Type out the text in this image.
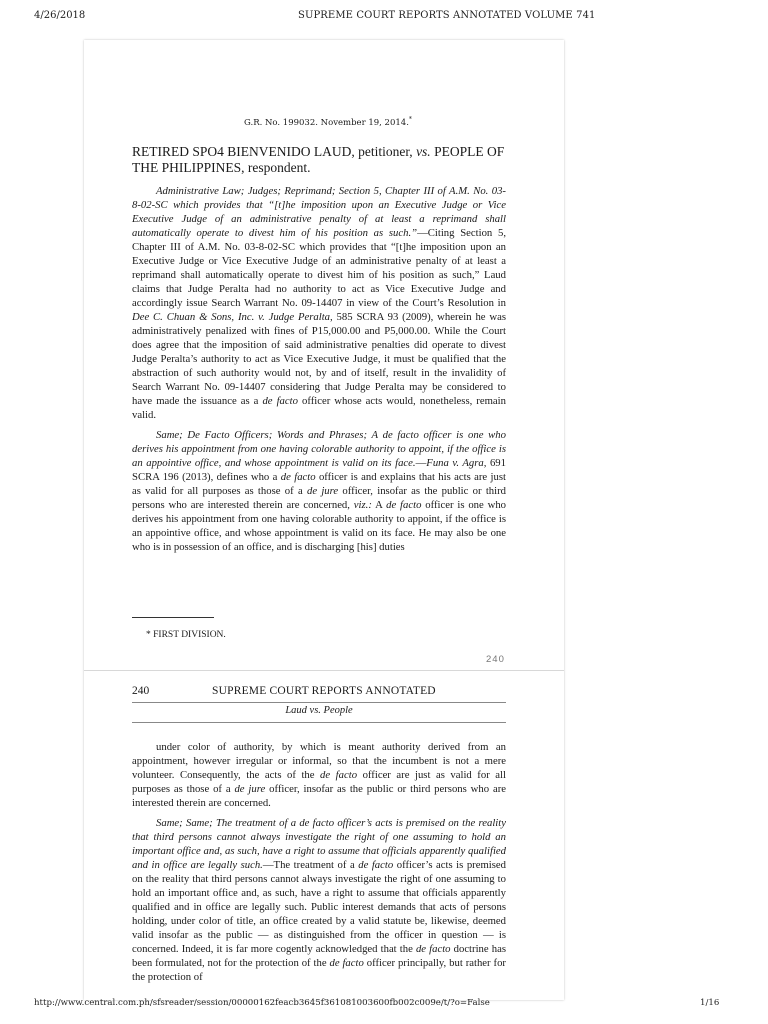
4/26/2018	SUPREME COURT REPORTS ANNOTATED VOLUME 741
G.R. No. 199032. November 19, 2014.*
RETIRED SPO4 BIENVENIDO LAUD, petitioner, vs. PEOPLE OF THE PHILIPPINES, respondent.

Administrative Law; Judges; Reprimand; Section 5, Chapter III of A.M. No. 03-8-02-SC which provides that “[t]he imposition upon an Executive Judge or Vice Executive Judge of an administrative penalty of at least a reprimand shall automatically operate to divest him of his position as such.”—Citing Section 5, Chapter III of A.M. No. 03-8-02-SC which provides that “[t]he imposition upon an Executive Judge or Vice Executive Judge of an administrative penalty of at least a reprimand shall automatically operate to divest him of his position as such,” Laud claims that Judge Peralta had no authority to act as Vice Executive Judge and accordingly issue Search Warrant No. 09-14407 in view of the Court’s Resolution in Dee C. Chuan & Sons, Inc. v. Judge Peralta, 585 SCRA 93 (2009), wherein he was administratively penalized with fines of P15,000.00 and P5,000.00. While the Court does agree that the imposition of said administrative penalties did operate to divest Judge Peralta’s authority to act as Vice Executive Judge, it must be qualified that the abstraction of such authority would not, by and of itself, result in the invalidity of Search Warrant No. 09-14407 considering that Judge Peralta may be considered to have made the issuance as a de facto officer whose acts would, nonetheless, remain valid.

Same; De Facto Officers; Words and Phrases; A de facto officer is one who derives his appointment from one having colorable authority to appoint, if the office is an appointive office, and whose appointment is valid on its face.—Funa v. Agra, 691 SCRA 196 (2013), defines who a de facto officer is and explains that his acts are just as valid for all purposes as those of a de jure officer, insofar as the public or third persons who are interested therein are concerned, viz.: A de facto officer is one who derives his appointment from one having colorable authority to appoint, if the office is an appointive office, and whose appointment is valid on its face. He may also be one who is in possession of an office, and is discharging [his] duties

* FIRST DIVISION.
240
240	SUPREME COURT REPORTS ANNOTATED
Laud vs. People

under color of authority, by which is meant authority derived from an appointment, however irregular or informal, so that the incumbent is not a mere volunteer. Consequently, the acts of the de facto officer are just as valid for all purposes as those of a de jure officer, insofar as the public or third persons who are interested therein are concerned.

Same; Same; The treatment of a de facto officer’s acts is premised on the reality that third persons cannot always investigate the right of one assuming to hold an important office and, as such, have a right to assume that officials apparently qualified and in office are legally such.—The treatment of a de facto officer’s acts is premised on the reality that third persons cannot always investigate the right of one assuming to hold an important office and, as such, have a right to assume that officials apparently qualified and in office are legally such. Public interest demands that acts of persons holding, under color of title, an office created by a valid statute be, likewise, deemed valid insofar as the public — as distinguished from the officer in question — is concerned. Indeed, it is far more cogently acknowledged that the de facto doctrine has been formulated, not for the protection of the de facto officer principally, but rather for the protection of

http://www.central.com.ph/sfsreader/session/00000162feacb3645f361081003600fb002c009e/t/?o=False	1/16
